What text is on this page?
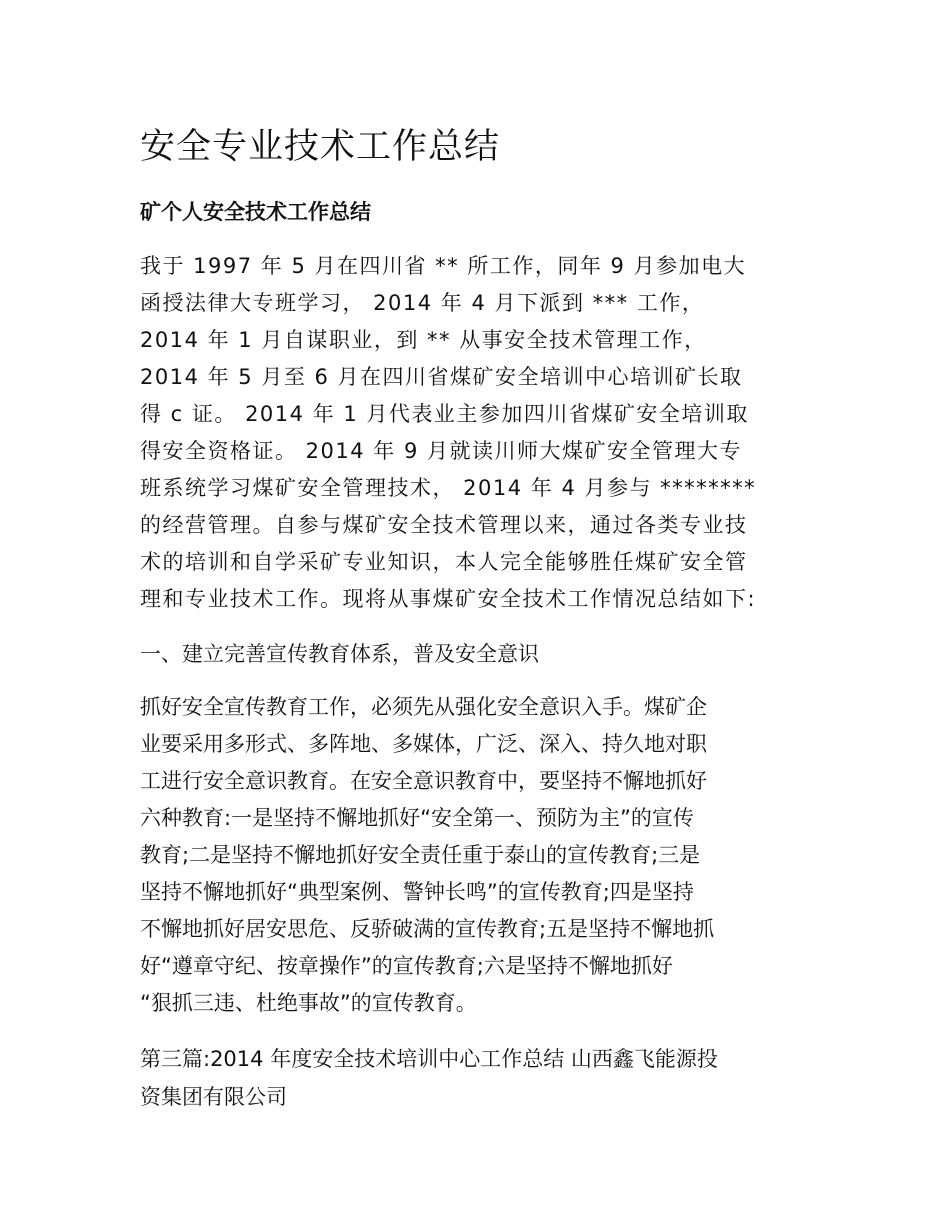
安全专业技术工作总结
矿个人安全技术工作总结

我于 1997 年 5 月在四川省 ** 所工作，同年 9 月参加电大
函授法律大专班学习， 2014 年 4 月下派到 *** 工作，
2014 年 1 月自谋职业，到 ** 从事安全技术管理工作，
2014 年 5 月至 6 月在四川省煤矿安全培训中心培训矿长取
得 c 证。 2014 年 1 月代表业主参加四川省煤矿安全培训取
得安全资格证。 2014 年 9 月就读川师大煤矿安全管理大专
班系统学习煤矿安全管理技术， 2014 年 4 月参与 ********
的经营管理。自参与煤矿安全技术管理以来，通过各类专业技
术的培训和自学采矿专业知识，本人完全能够胜任煤矿安全管
理和专业技术工作。现将从事煤矿安全技术工作情况总结如下:

一、建立完善宣传教育体系，普及安全意识

抓好安全宣传教育工作，必须先从强化安全意识入手。煤矿企
业要采用多形式、多阵地、多媒体，广泛、深入、持久地对职
工进行安全意识教育。在安全意识教育中，要坚持不懈地抓好
六种教育:一是坚持不懈地抓好“安全第一、预防为主”的宣传
教育;二是坚持不懈地抓好安全责任重于泰山的宣传教育;三是
坚持不懈地抓好“典型案例、警钟长鸣”的宣传教育;四是坚持
不懈地抓好居安思危、反骄破满的宣传教育;五是坚持不懈地抓
好“遵章守纪、按章操作”的宣传教育;六是坚持不懈地抓好
“狠抓三违、杜绝事故”的宣传教育。

第三篇:2014 年度安全技术培训中心工作总结 山西鑫飞能源投
资集团有限公司
